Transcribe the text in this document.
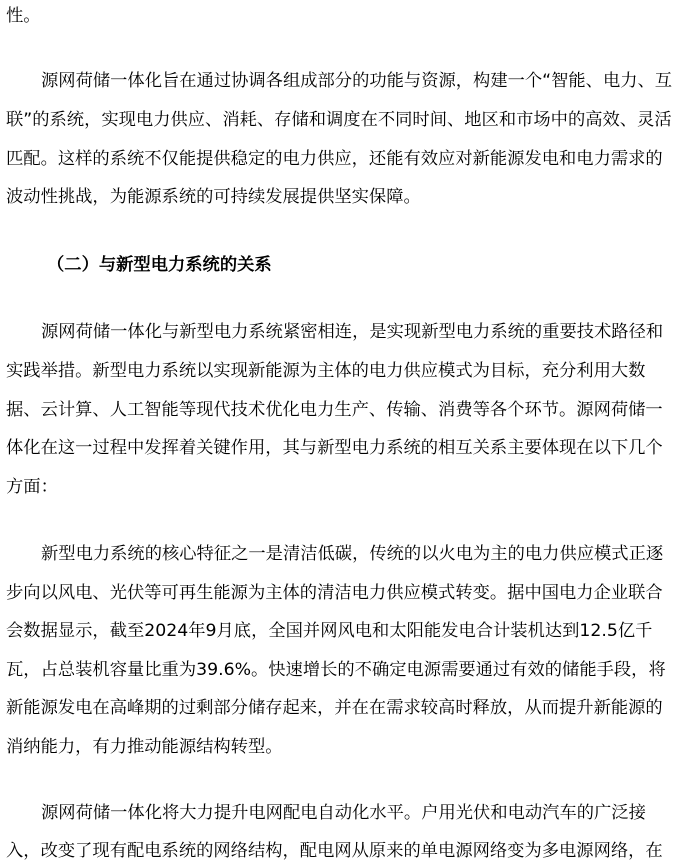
性。
源网荷储一体化旨在通过协调各组成部分的功能与资源，构建一个“智能、电力、互
联”的系统，实现电力供应、消耗、存储和调度在不同时间、地区和市场中的高效、灵活
匹配。这样的系统不仅能提供稳定的电力供应，还能有效应对新能源发电和电力需求的
波动性挑战，为能源系统的可持续发展提供坚实保障。
（二）与新型电力系统的关系
源网荷储一体化与新型电力系统紧密相连，是实现新型电力系统的重要技术路径和
实践举措。新型电力系统以实现新能源为主体的电力供应模式为目标，充分利用大数
据、云计算、人工智能等现代技术优化电力生产、传输、消费等各个环节。源网荷储一
体化在这一过程中发挥着关键作用，其与新型电力系统的相互关系主要体现在以下几个
方面：
新型电力系统的核心特征之一是清洁低碳，传统的以火电为主的电力供应模式正逐
步向以风电、光伏等可再生能源为主体的清洁电力供应模式转变。据中国电力企业联合
会数据显示，截至2024年9月底，全国并网风电和太阳能发电合计装机达到12.5亿千
瓦，占总装机容量比重为39.6%。快速增长的不确定电源需要通过有效的储能手段，将
新能源发电在高峰期的过剩部分储存起来，并在在需求较高时释放，从而提升新能源的
消纳能力，有力推动能源结构转型。
源网荷储一体化将大力提升电网配电自动化水平。户用光伏和电动汽车的广泛接
入，改变了现有配电系统的网络结构，配电网从原来的单电源网络变为多电源网络，在
